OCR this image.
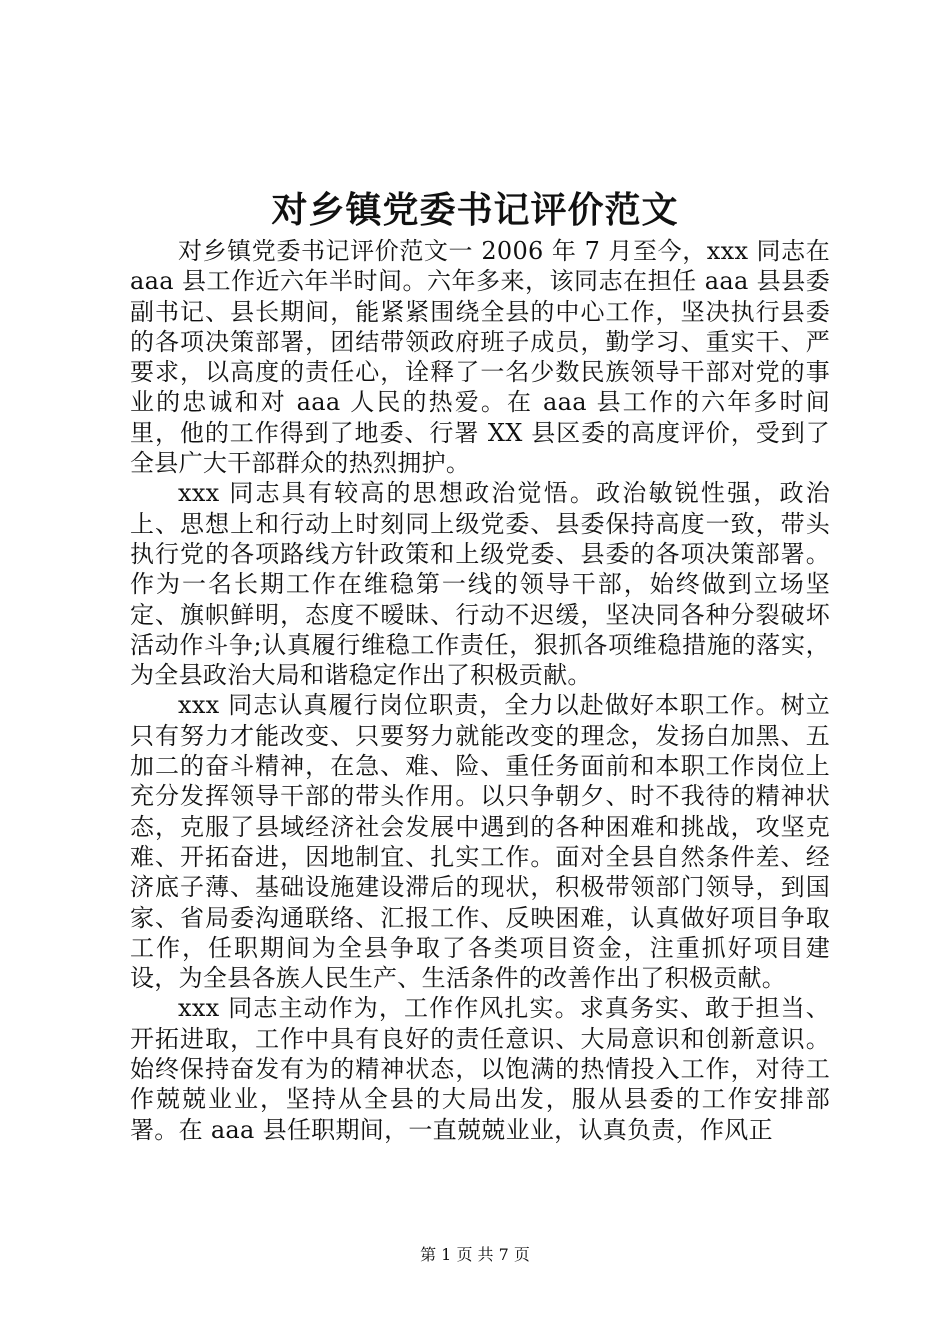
对乡镇党委书记评价范文

对乡镇党委书记评价范文一 2006 年 7 月至今，xxx 同志在 aaa 县工作近六年半时间。六年多来，该同志在担任 aaa 县县委副书记、县长期间，能紧紧围绕全县的中心工作，坚决执行县委的各项决策部署，团结带领政府班子成员，勤学习、重实干、严要求，以高度的责任心，诠释了一名少数民族领导干部对党的事业的忠诚和对 aaa 人民的热爱。在 aaa 县工作的六年多时间里，他的工作得到了地委、行署 XX 县区委的高度评价，受到了全县广大干部群众的热烈拥护。

xxx 同志具有较高的思想政治觉悟。政治敏锐性强，政治上、思想上和行动上时刻同上级党委、县委保持高度一致，带头执行党的各项路线方针政策和上级党委、县委的各项决策部署。作为一名长期工作在维稳第一线的领导干部，始终做到立场坚定、旗帜鲜明，态度不暧昧、行动不迟缓，坚决同各种分裂破坏活动作斗争;认真履行维稳工作责任，狠抓各项维稳措施的落实，为全县政治大局和谐稳定作出了积极贡献。

xxx 同志认真履行岗位职责，全力以赴做好本职工作。树立只有努力才能改变、只要努力就能改变的理念，发扬白加黑、五加二的奋斗精神，在急、难、险、重任务面前和本职工作岗位上充分发挥领导干部的带头作用。以只争朝夕、时不我待的精神状态，克服了县域经济社会发展中遇到的各种困难和挑战，攻坚克难、开拓奋进，因地制宜、扎实工作。面对全县自然条件差、经济底子薄、基础设施建设滞后的现状，积极带领部门领导，到国家、省局委沟通联络、汇报工作、反映困难，认真做好项目争取工作，任职期间为全县争取了各类项目资金，注重抓好项目建设，为全县各族人民生产、生活条件的改善作出了积极贡献。

xxx 同志主动作为，工作作风扎实。求真务实、敢于担当、开拓进取，工作中具有良好的责任意识、大局意识和创新意识。始终保持奋发有为的精神状态，以饱满的热情投入工作，对待工作兢兢业业，坚持从全县的大局出发，服从县委的工作安排部署。在 aaa 县任职期间，一直兢兢业业，认真负责，作风正

第 1 页 共 7 页
